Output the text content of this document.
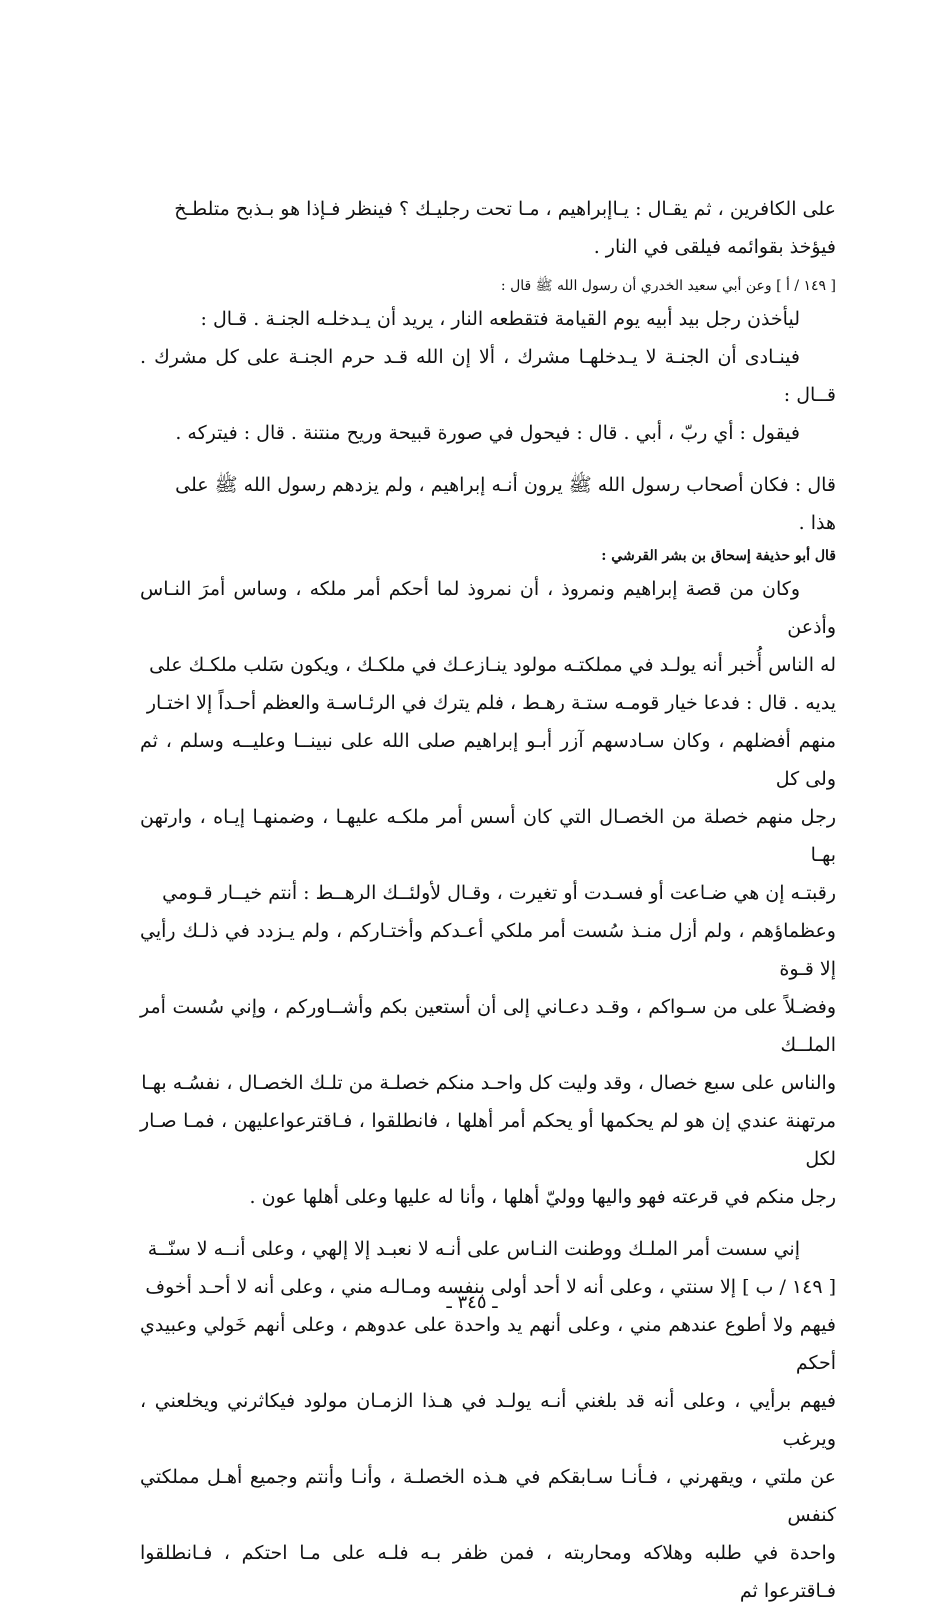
على الكافرين ، ثم يقـال : يـاإبراهيم ، مـا تحت رجليـك ؟ فينظر فـإذا هو بـذبح متلطـخ

فيؤخذ بقوائمه فيلقى في النار .

[ ١٤٩ / أ ] وعن أبي سعيد الخدري أن رسول الله ﷺ قال :

ليأخذن رجل بيد أبيه يوم القيامة فتقطعه النار ، يريد أن يـدخلـه الجنـة . قـال :

فينـادى أن الجنـة لا يـدخلهـا مشرك ، ألا إن الله قـد حرم الجنـة على كل مشرك . قــال :

فيقول : أي ربّ ، أبي . قال : فيحول في صورة قبيحة وريح منتنة . قال : فيتركه .

قال : فكان أصحاب رسول الله ﷺ يرون أنـه إبراهيم ، ولم يزدهم رسول الله ﷺ على

هذا .

قال أبو حذيفة إسحاق بن بشر القرشي :

وكان من قصة إبراهيم ونمروذ ، أن نمروذ لما أحكم أمر ملكه ، وساس أمرَ النـاس وأذعن

له الناس أُخبر أنه يولـد في مملكتـه مولود ينـازعـك في ملكـك ، ويكون سَلب ملكـك على

يديه . قال : فدعا خيار قومـه ستـة رهـط ، فلم يترك في الرئـاسـة والعظم أحـداً إلا اختـار

منهم أفضلهم ، وكان سـادسهم آزر أبـو إبراهيم صلى الله على نبينــا وعليــه وسلم ، ثم ولى كل

رجل منهم خصلة من الخصـال التي كان أسس أمر ملكـه عليهـا ، وضمنهـا إيـاه ، وارتهن بهـا

رقبتـه إن هي ضـاعت أو فسـدت أو تغيرت ، وقـال لأولئــك الرهــط : أنتم خيــار قـومي

وعظماؤهم ، ولم أزل منـذ سُست أمر ملكي أعـدكم وأختـاركم ، ولم يـزدد في ذلـك رأيي إلا قـوة

وفضـلاً على من سـواكم ، وقـد دعـاني إلى أن أستعين بكم وأشــاوركم ، وإني سُست أمر الملــك

والناس على سبع خصال ، وقد وليت كل واحـد منكم خصلـة من تلـك الخصـال ، نفسُـه بهـا

مرتهنة عندي إن هو لم يحكمها أو يحكم أمر أهلها ، فانطلقوا ، فـاقترعواعليهن ، فمـا صـار لكل

رجل منكم في قرعته فهو واليها ووليّ أهلها ، وأنا له عليها وعلى أهلها عون .

إني سست أمر الملـك ووطنت النـاس على أنـه لا نعبـد إلا إلهي ، وعلى أنــه لا سنّــة

[ ١٤٩ / ب ] إلا سنتي ، وعلى أنه لا أحد أولى بنفسه ومـالـه مني ، وعلى أنه لا أحـد أخوف

فيهم ولا أطوع عندهم مني ، وعلى أنهم يد واحدة على عدوهم ، وعلى أنهم خَولي وعبيدي أحكم

فيهم برأيي ، وعلى أنه قد بلغني أنـه يولـد في هـذا الزمـان مولود فيكاثرني ويخلعني ، ويرغب

عن ملتي ، ويقهرني ، فـأنـا سـابقكم في هـذه الخصلـة ، وأنـا وأنتم وجميع أهـل مملكتي كنفس

واحدة في طلبه وهلاكه ومحاربته ، فمن ظفر بـه فلـه على مـا احتكم ، فـانطلقوا فـاقترعوا ثم

ـ ٣٤٥ ـ
